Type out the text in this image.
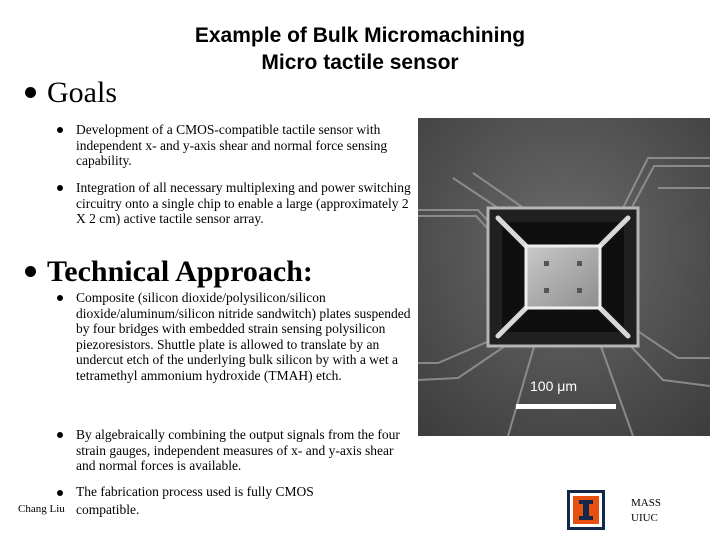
Example of Bulk Micromachining
Micro tactile sensor
Goals
Development of a CMOS-compatible tactile sensor with independent x- and y-axis shear and normal force sensing capability.
Integration of all necessary multiplexing and power switching circuitry onto a single chip to enable a large (approximately 2 X 2 cm) active tactile sensor array.
Technical Approach:
Composite (silicon dioxide/polysilicon/silicon dioxide/aluminum/silicon nitride sandwitch) plates suspended by four bridges with embedded strain sensing polysilicon piezoresistors. Shuttle plate is allowed to translate by an undercut etch of the underlying bulk silicon by with a wet a tetramethyl ammonium hydroxide (TMAH) etch.
By algebraically combining the output signals from the four strain gauges, independent measures of x- and y-axis shear and normal forces is available.
The fabrication process used is fully CMOS compatible.
100 μm
Chang Liu	MASS
UIUC
